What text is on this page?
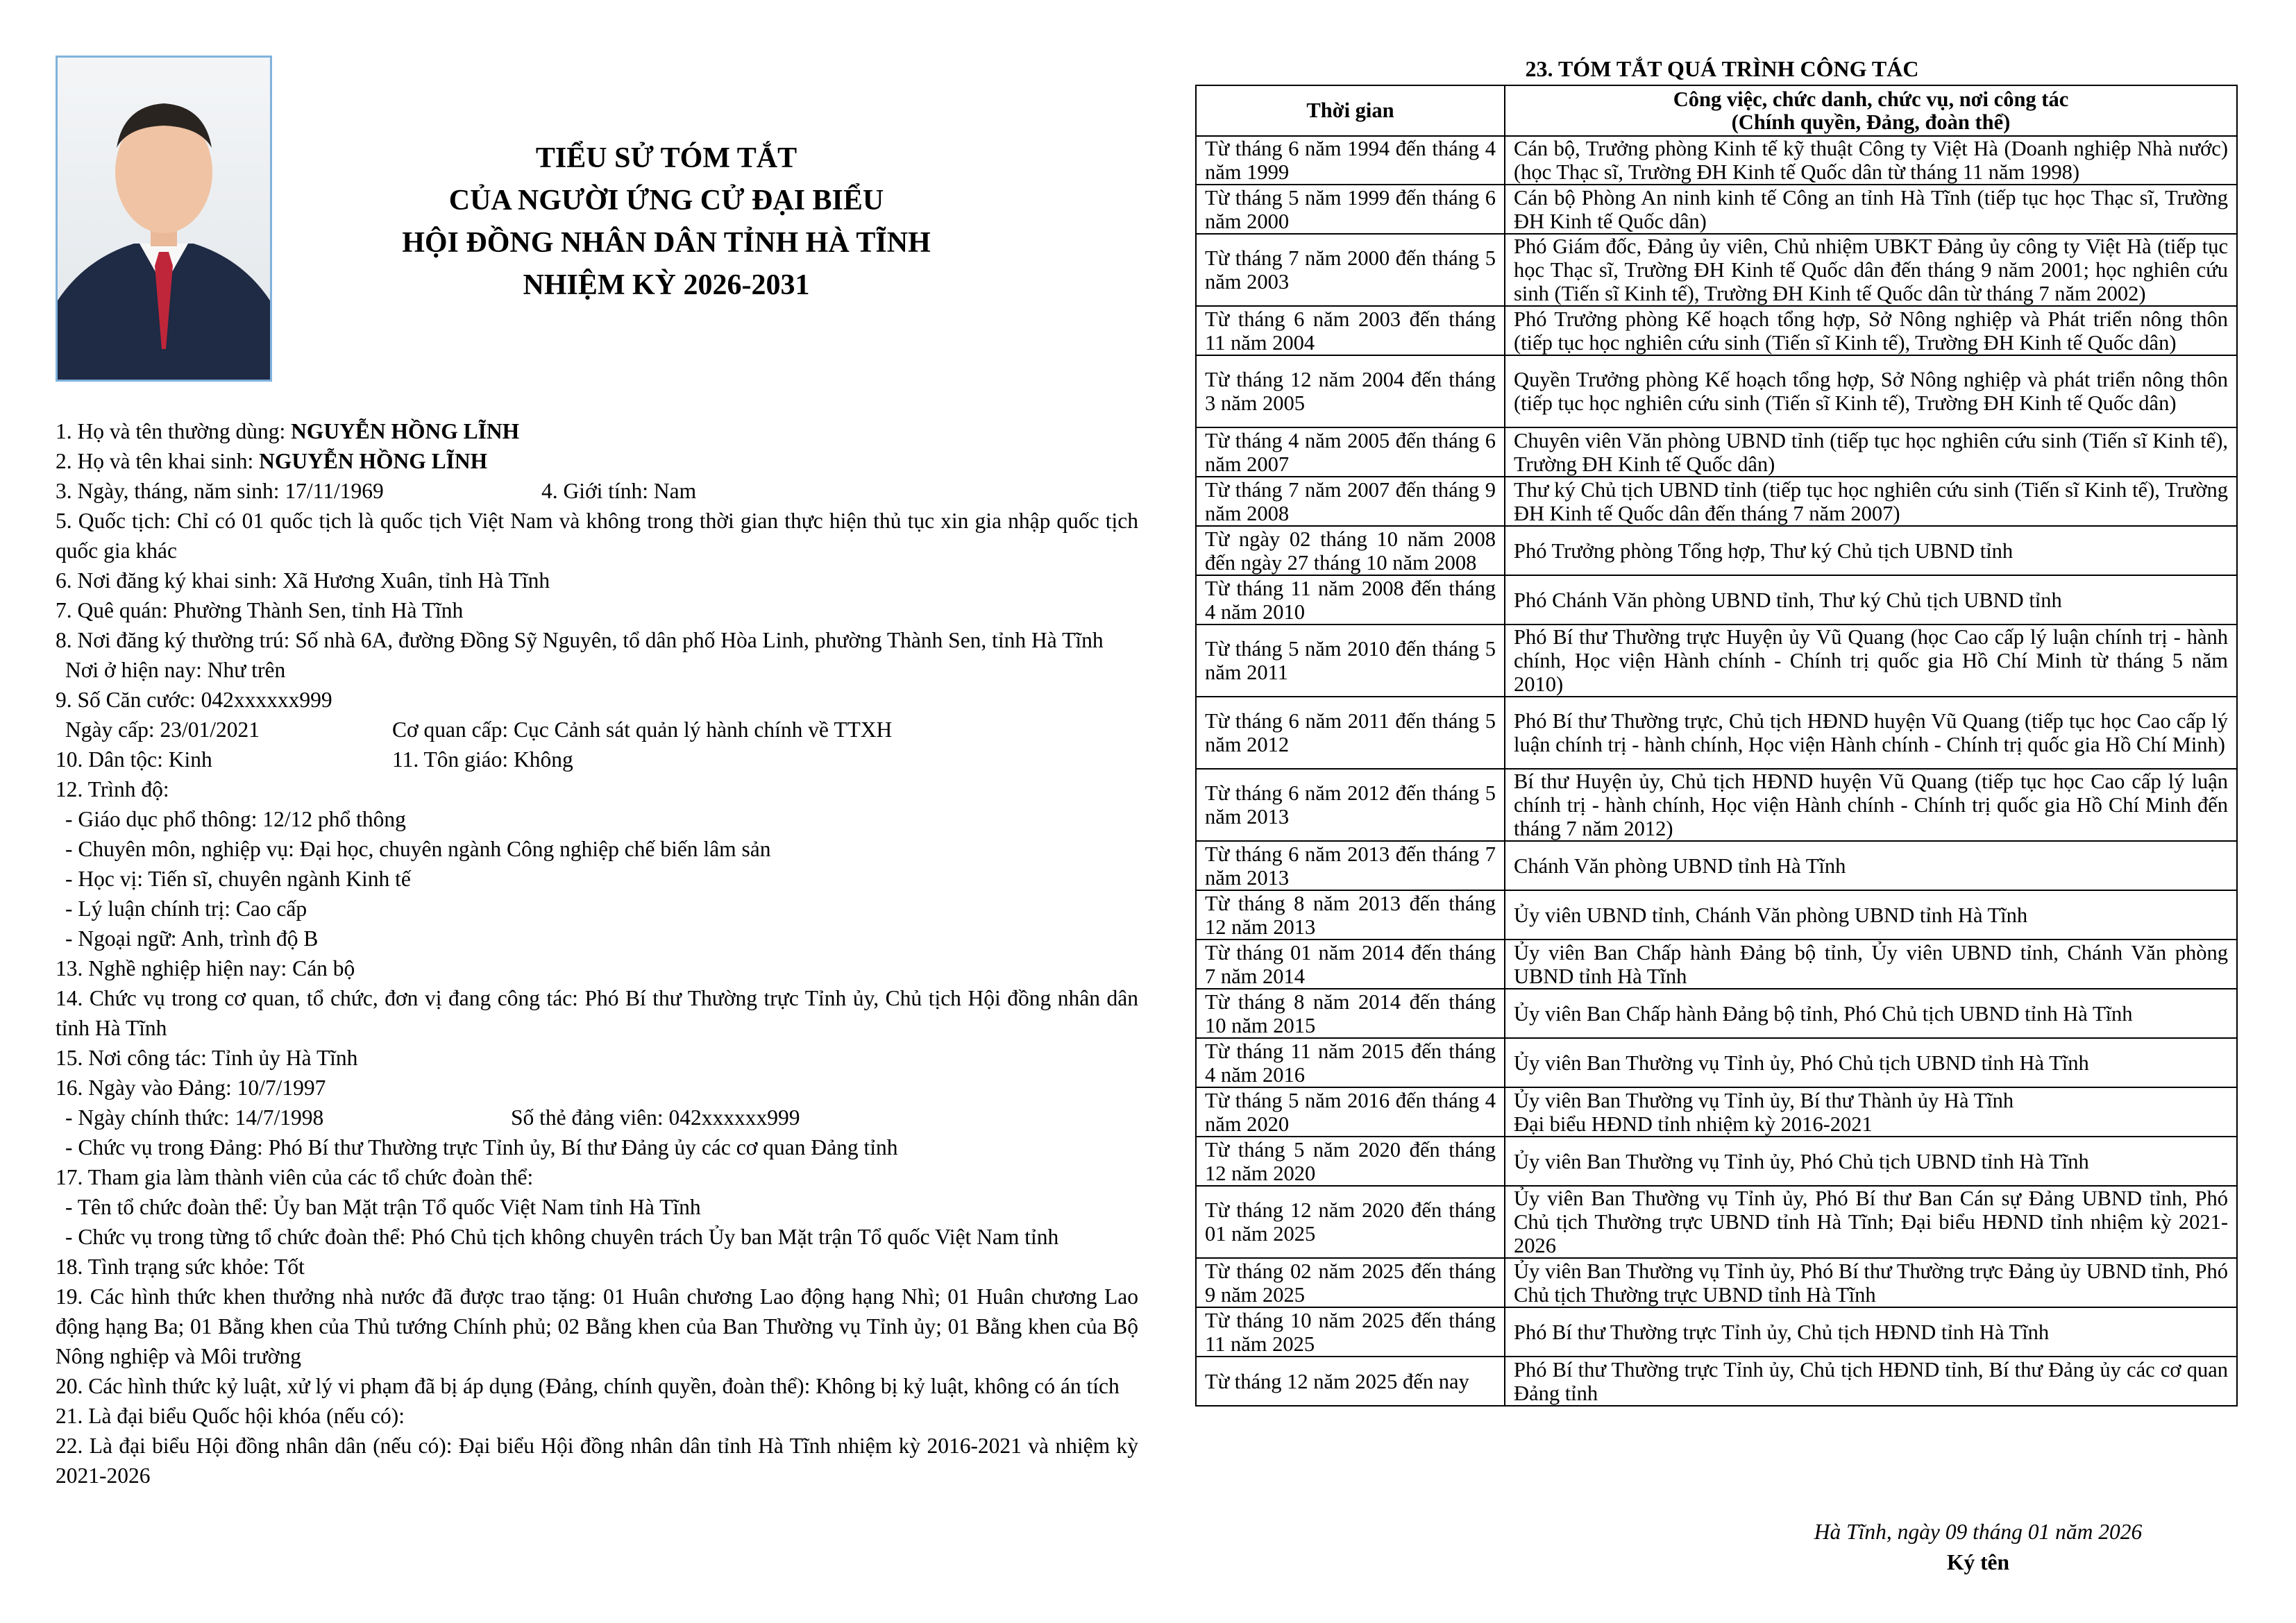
TIỂU SỬ TÓM TẮT
CỦA NGƯỜI ỨNG CỬ ĐẠI BIỂU
HỘI ĐỒNG NHÂN DÂN TỈNH HÀ TĨNH
NHIỆM KỲ 2026-2031

1. Họ và tên thường dùng: NGUYỄN HỒNG LĨNH

2. Họ và tên khai sinh: NGUYỄN HỒNG LĨNH

3. Ngày, tháng, năm sinh: 17/11/1969	4. Giới tính: Nam

5. Quốc tịch: Chỉ có 01 quốc tịch là quốc tịch Việt Nam và không trong thời gian thực hiện thủ tục xin gia nhập quốc tịch quốc gia khác

6. Nơi đăng ký khai sinh: Xã Hương Xuân, tỉnh Hà Tĩnh

7. Quê quán: Phường Thành Sen, tỉnh Hà Tĩnh

8. Nơi đăng ký thường trú: Số nhà 6A, đường Đồng Sỹ Nguyên, tổ dân phố Hòa Linh, phường Thành Sen, tỉnh Hà Tĩnh

Nơi ở hiện nay: Như trên

9. Số Căn cước: 042xxxxxx999

Ngày cấp: 23/01/2021	Cơ quan cấp: Cục Cảnh sát quản lý hành chính về TTXH

10. Dân tộc: Kinh	11. Tôn giáo: Không

12. Trình độ:

- Giáo dục phổ thông: 12/12 phổ thông

- Chuyên môn, nghiệp vụ: Đại học, chuyên ngành Công nghiệp chế biến lâm sản

- Học vị: Tiến sĩ, chuyên ngành Kinh tế

- Lý luận chính trị: Cao cấp

- Ngoại ngữ: Anh, trình độ B

13. Nghề nghiệp hiện nay: Cán bộ

14. Chức vụ trong cơ quan, tổ chức, đơn vị đang công tác: Phó Bí thư Thường trực Tỉnh ủy, Chủ tịch Hội đồng nhân dân tỉnh Hà Tĩnh

15. Nơi công tác: Tỉnh ủy Hà Tĩnh

16. Ngày vào Đảng: 10/7/1997

- Ngày chính thức: 14/7/1998	Số thẻ đảng viên: 042xxxxxx999

- Chức vụ trong Đảng: Phó Bí thư Thường trực Tỉnh ủy, Bí thư Đảng ủy các cơ quan Đảng tỉnh

17. Tham gia làm thành viên của các tổ chức đoàn thể:

- Tên tổ chức đoàn thể: Ủy ban Mặt trận Tổ quốc Việt Nam tỉnh Hà Tĩnh

- Chức vụ trong từng tổ chức đoàn thể: Phó Chủ tịch không chuyên trách Ủy ban Mặt trận Tổ quốc Việt Nam tỉnh

18. Tình trạng sức khỏe: Tốt

19. Các hình thức khen thưởng nhà nước đã được trao tặng: 01 Huân chương Lao động hạng Nhì; 01 Huân chương Lao động hạng Ba; 01 Bằng khen của Thủ tướng Chính phủ; 02 Bằng khen của Ban Thường vụ Tỉnh ủy; 01 Bằng khen của Bộ Nông nghiệp và Môi trường

20. Các hình thức kỷ luật, xử lý vi phạm đã bị áp dụng (Đảng, chính quyền, đoàn thể): Không bị kỷ luật, không có án tích

21. Là đại biểu Quốc hội khóa (nếu có):

22. Là đại biểu Hội đồng nhân dân (nếu có): Đại biểu Hội đồng nhân dân tỉnh Hà Tĩnh nhiệm kỳ 2016-2021 và nhiệm kỳ 2021-2026

23. TÓM TẮT QUÁ TRÌNH CÔNG TÁC

Thời gian	Công việc, chức danh, chức vụ, nơi công tác
(Chính quyền, Đảng, đoàn thể)

Từ tháng 6 năm 1994 đến tháng 4 năm 1999	Cán bộ, Trưởng phòng Kinh tế kỹ thuật Công ty Việt Hà (Doanh nghiệp Nhà nước) (học Thạc sĩ, Trường ĐH Kinh tế Quốc dân từ tháng 11 năm 1998)

Từ tháng 5 năm 1999 đến tháng 6 năm 2000	Cán bộ Phòng An ninh kinh tế Công an tỉnh Hà Tĩnh (tiếp tục học Thạc sĩ, Trường ĐH Kinh tế Quốc dân)

Từ tháng 7 năm 2000 đến tháng 5 năm 2003	Phó Giám đốc, Đảng ủy viên, Chủ nhiệm UBKT Đảng ủy công ty Việt Hà (tiếp tục học Thạc sĩ, Trường ĐH Kinh tế Quốc dân đến tháng 9 năm 2001; học nghiên cứu sinh (Tiến sĩ Kinh tế), Trường ĐH Kinh tế Quốc dân từ tháng 7 năm 2002)

Từ tháng 6 năm 2003 đến tháng 11 năm 2004	Phó Trưởng phòng Kế hoạch tổng hợp, Sở Nông nghiệp và Phát triển nông thôn (tiếp tục học nghiên cứu sinh (Tiến sĩ Kinh tế), Trường ĐH Kinh tế Quốc dân)

Từ tháng 12 năm 2004 đến tháng 3 năm 2005	Quyền Trưởng phòng Kế hoạch tổng hợp, Sở Nông nghiệp và phát triển nông thôn (tiếp tục học nghiên cứu sinh (Tiến sĩ Kinh tế), Trường ĐH Kinh tế Quốc dân)

Từ tháng 4 năm 2005 đến tháng 6 năm 2007	Chuyên viên Văn phòng UBND tỉnh (tiếp tục học nghiên cứu sinh (Tiến sĩ Kinh tế), Trường ĐH Kinh tế Quốc dân)

Từ tháng 7 năm 2007 đến tháng 9 năm 2008	Thư ký Chủ tịch UBND tỉnh (tiếp tục học nghiên cứu sinh (Tiến sĩ Kinh tế), Trường ĐH Kinh tế Quốc dân đến tháng 7 năm 2007)

Từ ngày 02 tháng 10 năm 2008 đến ngày 27 tháng 10 năm 2008	Phó Trưởng phòng Tổng hợp, Thư ký Chủ tịch UBND tỉnh

Từ tháng 11 năm 2008 đến tháng 4 năm 2010	Phó Chánh Văn phòng UBND tỉnh, Thư ký Chủ tịch UBND tỉnh

Từ tháng 5 năm 2010 đến tháng 5 năm 2011	Phó Bí thư Thường trực Huyện ủy Vũ Quang (học Cao cấp lý luận chính trị - hành chính, Học viện Hành chính - Chính trị quốc gia Hồ Chí Minh từ tháng 5 năm 2010)

Từ tháng 6 năm 2011 đến tháng 5 năm 2012	Phó Bí thư Thường trực, Chủ tịch HĐND huyện Vũ Quang (tiếp tục học Cao cấp lý luận chính trị - hành chính, Học viện Hành chính - Chính trị quốc gia Hồ Chí Minh)

Từ tháng 6 năm 2012 đến tháng 5 năm 2013	Bí thư Huyện ủy, Chủ tịch HĐND huyện Vũ Quang (tiếp tục học Cao cấp lý luận chính trị - hành chính, Học viện Hành chính - Chính trị quốc gia Hồ Chí Minh đến tháng 7 năm 2012)

Từ tháng 6 năm 2013 đến tháng 7 năm 2013	Chánh Văn phòng UBND tỉnh Hà Tĩnh

Từ tháng 8 năm 2013 đến tháng 12 năm 2013	Ủy viên UBND tỉnh, Chánh Văn phòng UBND tỉnh Hà Tĩnh

Từ tháng 01 năm 2014 đến tháng 7 năm 2014	Ủy viên Ban Chấp hành Đảng bộ tỉnh, Ủy viên UBND tỉnh, Chánh Văn phòng UBND tỉnh Hà Tĩnh

Từ tháng 8 năm 2014 đến tháng 10 năm 2015	Ủy viên Ban Chấp hành Đảng bộ tỉnh, Phó Chủ tịch UBND tỉnh Hà Tĩnh

Từ tháng 11 năm 2015 đến tháng 4 năm 2016	Ủy viên Ban Thường vụ Tỉnh ủy, Phó Chủ tịch UBND tỉnh Hà Tĩnh

Từ tháng 5 năm 2016 đến tháng 4 năm 2020	Ủy viên Ban Thường vụ Tỉnh ủy, Bí thư Thành ủy Hà Tĩnh
Đại biểu HĐND tỉnh nhiệm kỳ 2016-2021

Từ tháng 5 năm 2020 đến tháng 12 năm 2020	Ủy viên Ban Thường vụ Tỉnh ủy, Phó Chủ tịch UBND tỉnh Hà Tĩnh

Từ tháng 12 năm 2020 đến tháng 01 năm 2025	Ủy viên Ban Thường vụ Tỉnh ủy, Phó Bí thư Ban Cán sự Đảng UBND tỉnh, Phó Chủ tịch Thường trực UBND tỉnh Hà Tĩnh; Đại biểu HĐND tỉnh nhiệm kỳ 2021-2026

Từ tháng 02 năm 2025 đến tháng 9 năm 2025	Ủy viên Ban Thường vụ Tỉnh ủy, Phó Bí thư Thường trực Đảng ủy UBND tỉnh, Phó Chủ tịch Thường trực UBND tỉnh Hà Tĩnh

Từ tháng 10 năm 2025 đến tháng 11 năm 2025	Phó Bí thư Thường trực Tỉnh ủy, Chủ tịch HĐND tỉnh Hà Tĩnh

Từ tháng 12 năm 2025 đến nay	Phó Bí thư Thường trực Tỉnh ủy, Chủ tịch HĐND tỉnh, Bí thư Đảng ủy các cơ quan Đảng tỉnh
Hà Tĩnh, ngày 09 tháng 01 năm 2026
Ký tên
